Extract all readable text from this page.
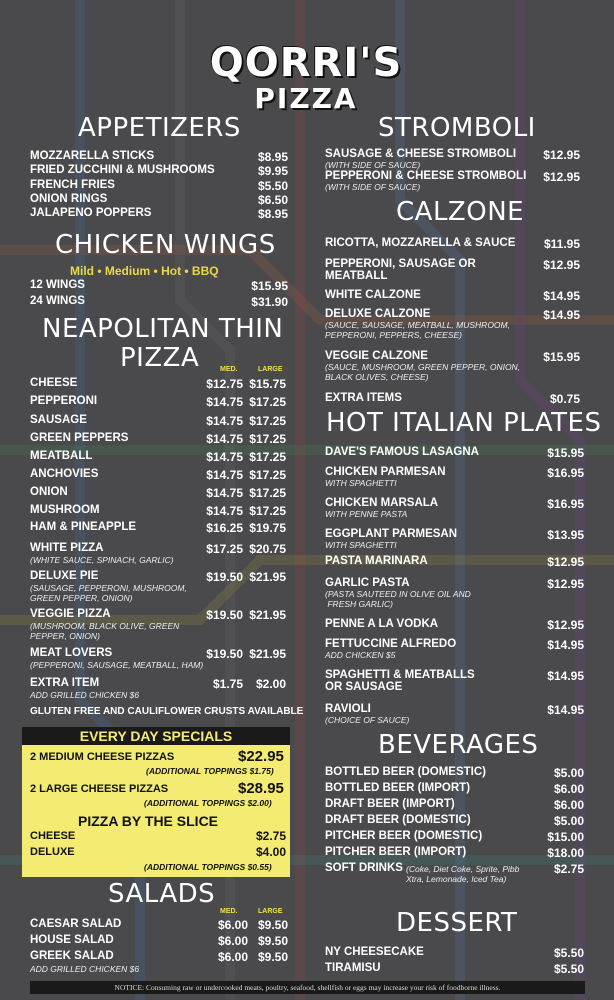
QORRI'S
PIZZA
APPETIZERS
MOZZARELLA STICKS	$8.95
FRIED ZUCCHINI & MUSHROOMS	$9.95
FRENCH FRIES	$5.50
ONION RINGS	$6.50
JALAPENO POPPERS	$8.95
CHICKEN WINGS
Mild • Medium • Hot • BBQ
12 WINGS	$15.95
24 WINGS	$31.90
NEAPOLITAN THIN
PIZZA	MED.	LARGE
CHEESE	$12.75 $15.75
PEPPERONI	$14.75 $17.25
SAUSAGE	$14.75 $17.25
GREEN PEPPERS	$14.75 $17.25
MEATBALL	$14.75 $17.25
ANCHOVIES	$14.75 $17.25
ONION	$14.75 $17.25
MUSHROOM	$14.75 $17.25
HAM & PINEAPPLE	$16.25 $19.75
WHITE PIZZA	$17.25 $20.75
(WHITE SAUCE, SPINACH, GARLIC)
DELUXE PIE	$19.50 $21.95
(SAUSAGE, PEPPERONI, MUSHROOM,
GREEN PEPPER, ONION)
VEGGIE PIZZA	$19.50 $21.95
(MUSHROOM, BLACK OLIVE, GREEN
PEPPER, ONION)
MEAT LOVERS	$19.50 $21.95
(PEPPERONI, SAUSAGE, MEATBALL, HAM)
EXTRA ITEM	$1.75	$2.00
ADD GRILLED CHICKEN $6
GLUTEN FREE AND CAULIFLOWER CRUSTS AVAILABLE
EVERY DAY SPECIALS
2 MEDIUM CHEESE PIZZAS	$22.95
(ADDITIONAL TOPPINGS $1.75)
2 LARGE CHEESE PIZZAS	$28.95
(ADDITIONAL TOPPINGS $2.00)
PIZZA BY THE SLICE
CHEESE	$2.75
DELUXE	$4.00
(ADDITIONAL TOPPINGS $0.55)
SALADS
MED.	LARGE
CAESAR SALAD	$6.00 $9.50
HOUSE SALAD	$6.00 $9.50
GREEK SALAD	$6.00 $9.50
ADD GRILLED CHICKEN $6
STROMBOLI
SAUSAGE & CHEESE STROMBOLI	$12.95
(WITH SIDE OF SAUCE)
PEPPERONI & CHEESE STROMBOLI	$12.95
(WITH SIDE OF SAUCE)
CALZONE
RICOTTA, MOZZARELLA & SAUCE	$11.95
PEPPERONI, SAUSAGE OR
MEATBALL
$12.95
WHITE CALZONE	$14.95
DELUXE CALZONE	$14.95
(SAUCE, SAUSAGE, MEATBALL, MUSHROOM,
PEPPERONI, PEPPERS, CHEESE)
VEGGIE CALZONE	$15.95
(SAUCE, MUSHROOM, GREEN PEPPER, ONION,
BLACK OLIVES, CHEESE)
EXTRA ITEMS	$0.75
HOT ITALIAN PLATES
DAVE'S FAMOUS LASAGNA	$15.95
CHICKEN PARMESAN	$16.95
WITH SPAGHETTI
CHICKEN MARSALA	$16.95
WITH PENNE PASTA
EGGPLANT PARMESAN	$13.95
WITH SPAGHETTI
PASTA MARINARA	$12.95
GARLIC PASTA	$12.95
(PASTA SAUTEED IN OLIVE OIL AND
FRESH GARLIC)
PENNE A LA VODKA	$12.95
FETTUCCINE ALFREDO	$14.95
ADD CHICKEN $5
SPAGHETTI & MEATBALLS
OR SAUSAGE
$14.95
RAVIOLI	$14.95
(CHOICE OF SAUCE)
BEVERAGES
BOTTLED BEER (DOMESTIC)	$5.00
BOTTLED BEER (IMPORT)	$6.00
DRAFT BEER (IMPORT)	$6.00
DRAFT BEER (DOMESTIC)	$5.00
PITCHER BEER (DOMESTIC)	$15.00
PITCHER BEER (IMPORT)	$18.00
SOFT DRINKS (Coke, Diet Coke, Sprite, Pibb
Xtra, Lemonade, Iced Tea)
$2.75
DESSERT
NY CHEESECAKE	$5.50
TIRAMISU	$5.50
NOTICE: Consuming raw or undercooked meats, poultry, seafood, shellfish or eggs may increase your risk of foodborne illness.
